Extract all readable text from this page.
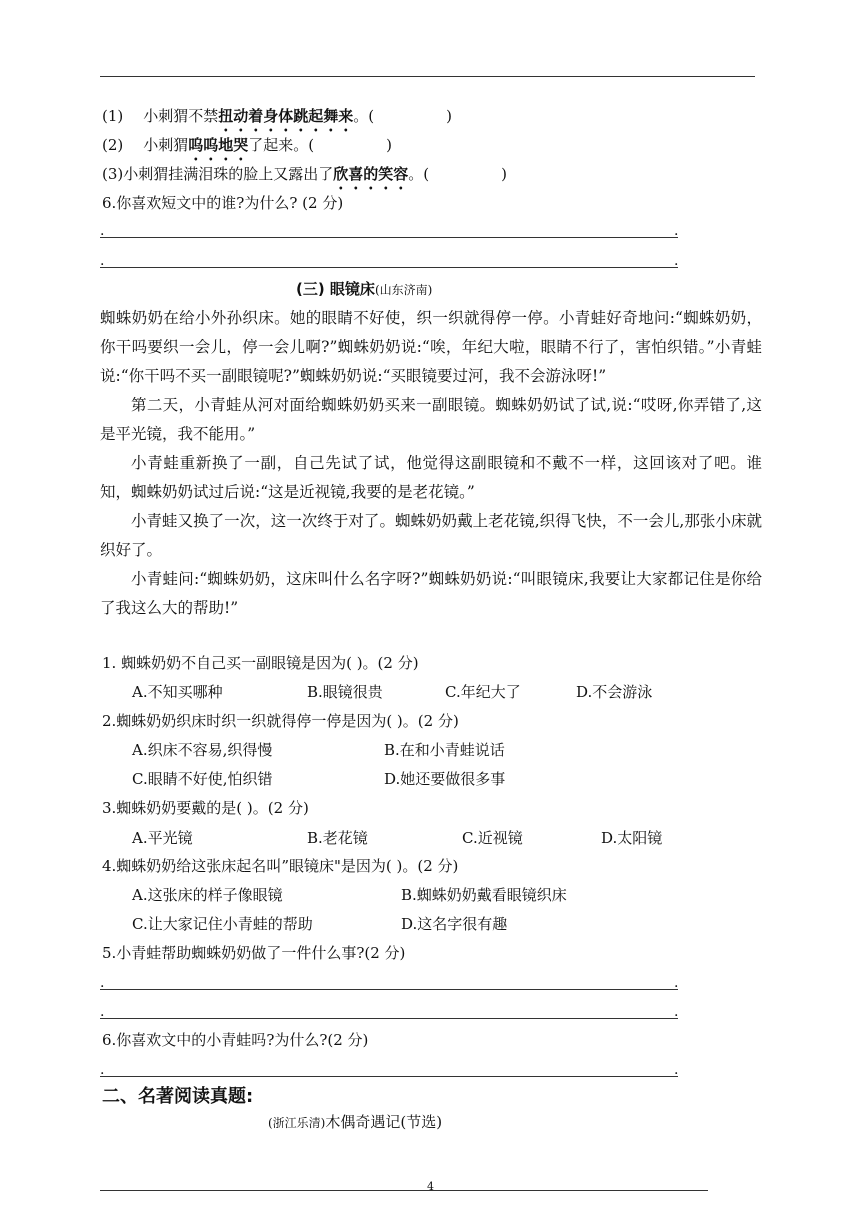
(1) 小刺猬不禁扭动着身体跳起舞来。(	)
(2) 小刺猬呜呜地哭了起来。(	)
(3)小刺猬挂满泪珠的脸上又露出了欣喜的笑容。(	)
6.你喜欢短文中的谁?为什么? (2 分)
.	.
.	.
(三) 眼镜床(山东济南)

蜘蛛奶奶在给小外孙织床。她的眼睛不好使，织一织就得停一停。小青蛙好奇地问:“蜘蛛奶奶，你干吗要织一会儿，停一会儿啊?”蜘蛛奶奶说:“唉，年纪大啦，眼睛不行了，害怕织错。”小青蛙说:“你干吗不买一副眼镜呢?”蜘蛛奶奶说:“买眼镜要过河，我不会游泳呀!”

第二天，小青蛙从河对面给蜘蛛奶奶买来一副眼镜。蜘蛛奶奶试了试,说:“哎呀,你弄错了,这是平光镜，我不能用。”

小青蛙重新换了一副，自己先试了试，他觉得这副眼镜和不戴不一样，这回该对了吧。谁知，蜘蛛奶奶试过后说:“这是近视镜,我要的是老花镜。”

小青蛙又换了一次，这一次终于对了。蜘蛛奶奶戴上老花镜,织得飞快，不一会儿,那张小床就织好了。

小青蛙问:“蜘蛛奶奶，这床叫什么名字呀?”蜘蛛奶奶说:“叫眼镜床,我要让大家都记住是你给了我这么大的帮助!”

1. 蜘蛛奶奶不自己买一副眼镜是因为( )。(2 分)
A.不知买哪种	B.眼镜很贵	C.年纪大了	D.不会游泳
2.蜘蛛奶奶织床时织一织就得停一停是因为( )。(2 分)
A.织床不容易,织得慢	B.在和小青蛙说话
C.眼睛不好使,怕织错	D.她还要做很多事
3.蜘蛛奶奶要戴的是( )。(2 分)
A.平光镜	B.老花镜	C.近视镜	D.太阳镜
4.蜘蛛奶奶给这张床起名叫”眼镜床"是因为( )。(2 分)
A.这张床的样子像眼镜	B.蜘蛛奶奶戴看眼镜织床
C.让大家记住小青蛙的帮助	D.这名字很有趣
5.小青蛙帮助蜘蛛奶奶做了一件什么事?(2 分)
.	.
.	.
6.你喜欢文中的小青蛙吗?为什么?(2 分)
.	.
二、名著阅读真题:
(浙江乐清)木偶奇遇记(节选)
4
